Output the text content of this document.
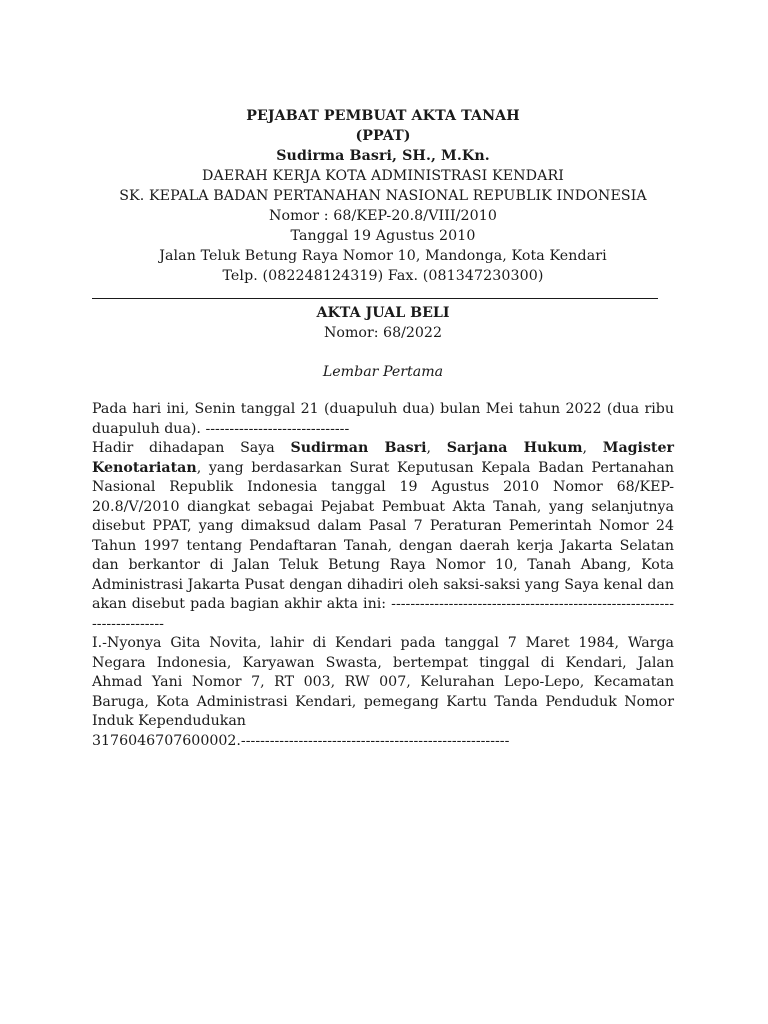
PEJABAT PEMBUAT AKTA TANAH
(PPAT)
Sudirma Basri, SH., M.Kn.
DAERAH KERJA KOTA ADMINISTRASI KENDARI
SK. KEPALA BADAN PERTANAHAN NASIONAL REPUBLIK INDONESIA
Nomor : 68/KEP-20.8/VIII/2010
Tanggal 19 Agustus 2010
Jalan Teluk Betung Raya Nomor 10, Mandonga, Kota Kendari
Telp. (082248124319) Fax. (081347230300)
AKTA JUAL BELI
Nomor: 68/2022
Lembar Pertama

Pada hari ini, Senin tanggal 21 (duapuluh dua) bulan Mei tahun 2022 (dua ribu duapuluh dua). ------------------------------

Hadir dihadapan Saya Sudirman Basri, Sarjana Hukum, Magister Kenotariatan, yang berdasarkan Surat Keputusan Kepala Badan Pertanahan Nasional Republik Indonesia tanggal 19 Agustus 2010 Nomor 68/KEP-20.8/V/2010 diangkat sebagai Pejabat Pembuat Akta Tanah, yang selanjutnya disebut PPAT, yang dimaksud dalam Pasal 7 Peraturan Pemerintah Nomor 24 Tahun 1997 tentang Pendaftaran Tanah, dengan daerah kerja Jakarta Selatan dan berkantor di Jalan Teluk Betung Raya Nomor 10, Tanah Abang, Kota Administrasi Jakarta Pusat dengan dihadiri oleh saksi-saksi yang Saya kenal dan akan disebut pada bagian akhir akta ini: --------------------------------------------------------------------------

I.-Nyonya Gita Novita, lahir di Kendari pada tanggal 7 Maret 1984, Warga Negara Indonesia, Karyawan Swasta, bertempat tinggal di Kendari, Jalan Ahmad Yani Nomor 7, RT 003, RW 007, Kelurahan Lepo-Lepo, Kecamatan Baruga, Kota Administrasi Kendari, pemegang Kartu Tanda Penduduk Nomor Induk Kependudukan

3176046707600002.--------------------------------------------------------
